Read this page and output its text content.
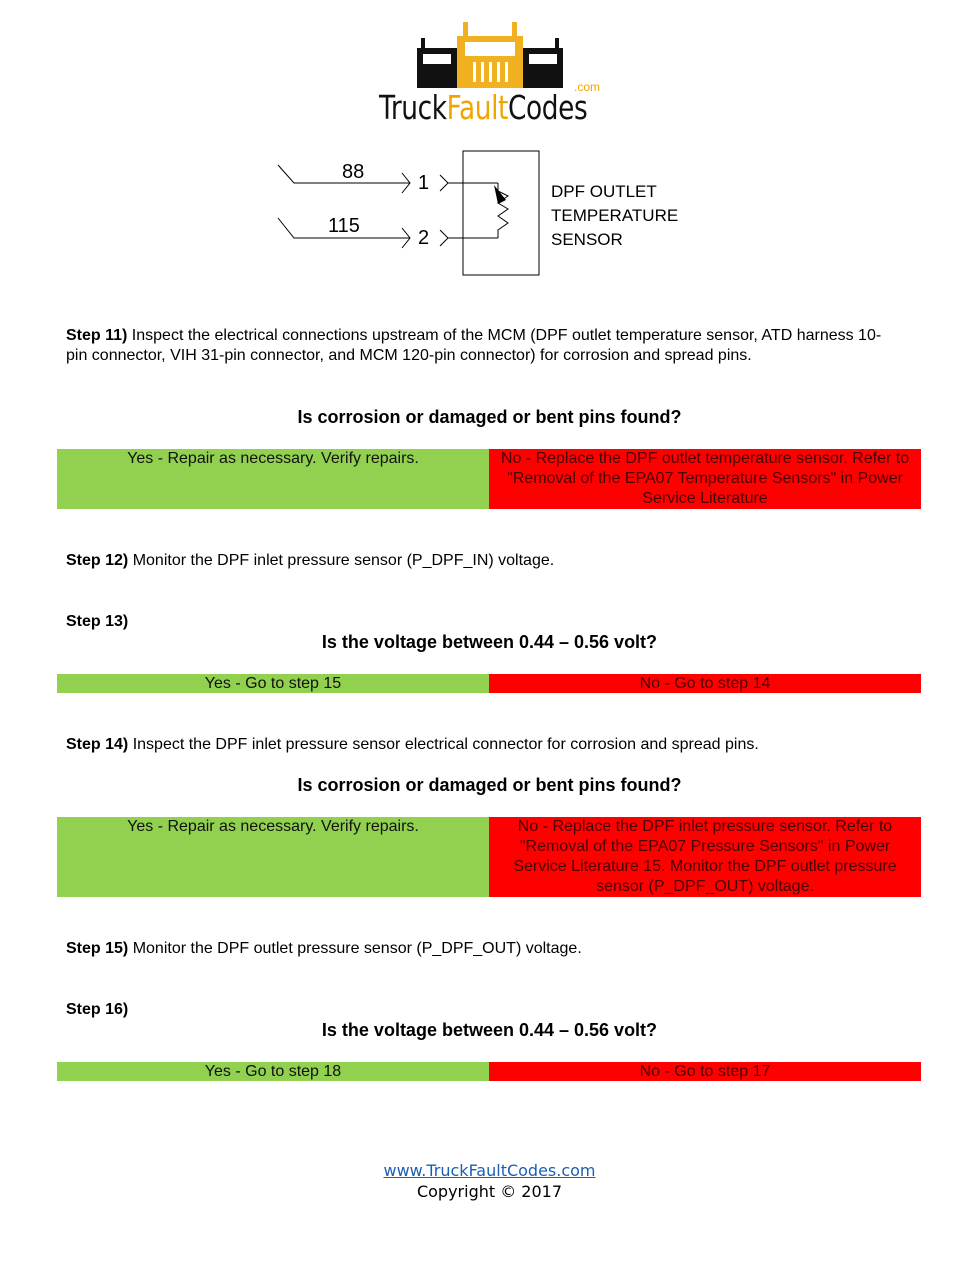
TruckFaultCodes
.com
88
115
1
2
DPF OUTLET
TEMPERATURE
SENSOR
Step 11) Inspect the electrical connections upstream of the MCM (DPF outlet temperature sensor, ATD harness 10-pin connector, VIH 31-pin connector, and MCM 120-pin connector) for corrosion and spread pins.
Is corrosion or damaged or bent pins found?
Yes - Repair as necessary. Verify repairs.	No - Replace the DPF outlet temperature sensor. Refer to "Removal of the EPA07 Temperature Sensors" in Power Service Literature
Step 12) Monitor the DPF inlet pressure sensor (P_DPF_IN) voltage.
Step 13)
Is the voltage between 0.44 – 0.56 volt?
Yes - Go to step 15	No - Go to step 14
Step 14) Inspect the DPF inlet pressure sensor electrical connector for corrosion and spread pins.
Is corrosion or damaged or bent pins found?
Yes - Repair as necessary. Verify repairs.	No - Replace the DPF inlet pressure sensor. Refer to "Removal of the EPA07 Pressure Sensors" in Power Service Literature 15. Monitor the DPF outlet pressure sensor (P_DPF_OUT) voltage.
Step 15) Monitor the DPF outlet pressure sensor (P_DPF_OUT) voltage.
Step 16)
Is the voltage between 0.44 – 0.56 volt?
Yes - Go to step 18	No - Go to step 17
www.TruckFaultCodes.com
Copyright © 2017
